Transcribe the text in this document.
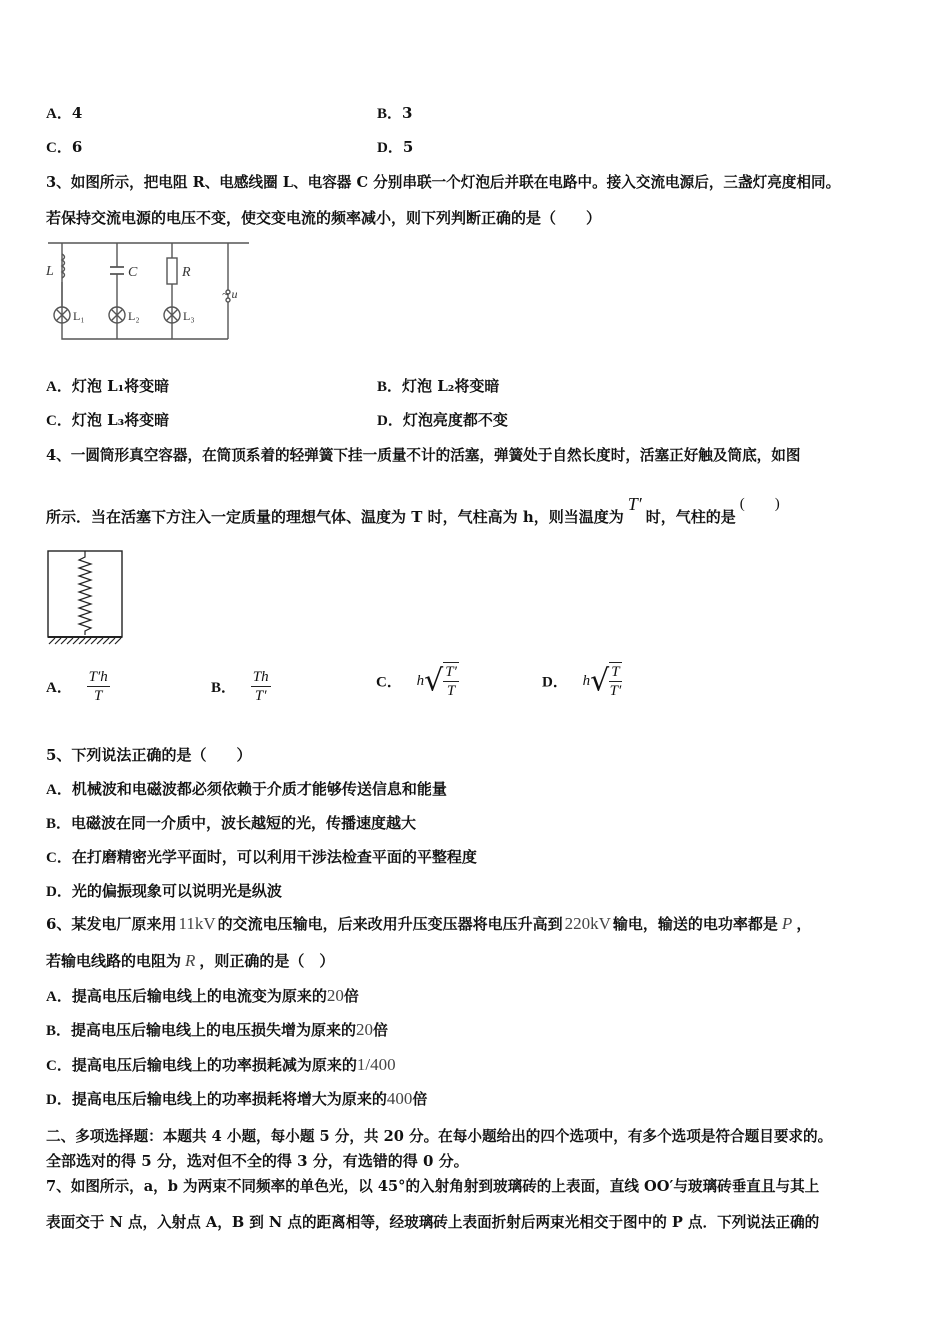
A．4	B．3
C．6	D．5
3、如图所示，把电阻 R、电感线圈 L、电容器 C 分别串联一个灯泡后并联在电路中。接入交流电源后，三盏灯亮度相同。
若保持交流电源的电压不变，使交变电流的频率减小，则下列判断正确的是（　　）
L	C	R
~ u
L₁	L₂	L₃
A．灯泡 L₁将变暗	B．灯泡 L₂将变暗
C．灯泡 L₃将变暗	D．灯泡亮度都不变
4、一圆筒形真空容器，在筒顶系着的轻弹簧下挂一质量不计的活塞，弹簧处于自然长度时，活塞正好触及筒底，如图
所示．当在活塞下方注入一定质量的理想气体、温度为 T 时，气柱高为 h，则当温度为T′时，气柱的是(　　)
A． $\frac{T'h}{T}$	B． $\frac{Th}{T'}$	C． $h√ \frac{T'}{T}$	D． $h√ \frac{T}{T'}$
5、下列说法正确的是（　　）
A．机械波和电磁波都必须依赖于介质才能够传送信息和能量
B．电磁波在同一介质中，波长越短的光，传播速度越大
C．在打磨精密光学平面时，可以利用干涉法检查平面的平整程度
D．光的偏振现象可以说明光是纵波
6、某发电厂原来用 11kV 的交流电压输电，后来改用升压变压器将电压升高到 220kV 输电，输送的电功率都是 P ，
若输电线路的电阻为 R ，则正确的是（　）
A．提高电压后输电线上的电流变为原来的20倍
B．提高电压后输电线上的电压损失增为原来的20倍
C．提高电压后输电线上的功率损耗减为原来的1/400
D．提高电压后输电线上的功率损耗将增大为原来的400倍
二、多项选择题：本题共 4 小题，每小题 5 分，共 20 分。在每小题给出的四个选项中，有多个选项是符合题目要求的。
全部选对的得 5 分，选对但不全的得 3 分，有选错的得 0 分。
7、如图所示，a，b 为两束不同频率的单色光，以 45°的入射角射到玻璃砖的上表面，直线 OO′与玻璃砖垂直且与其上
表面交于 N 点，入射点 A，B 到 N 点的距离相等，经玻璃砖上表面折射后两束光相交于图中的 P 点．下列说法正确的
